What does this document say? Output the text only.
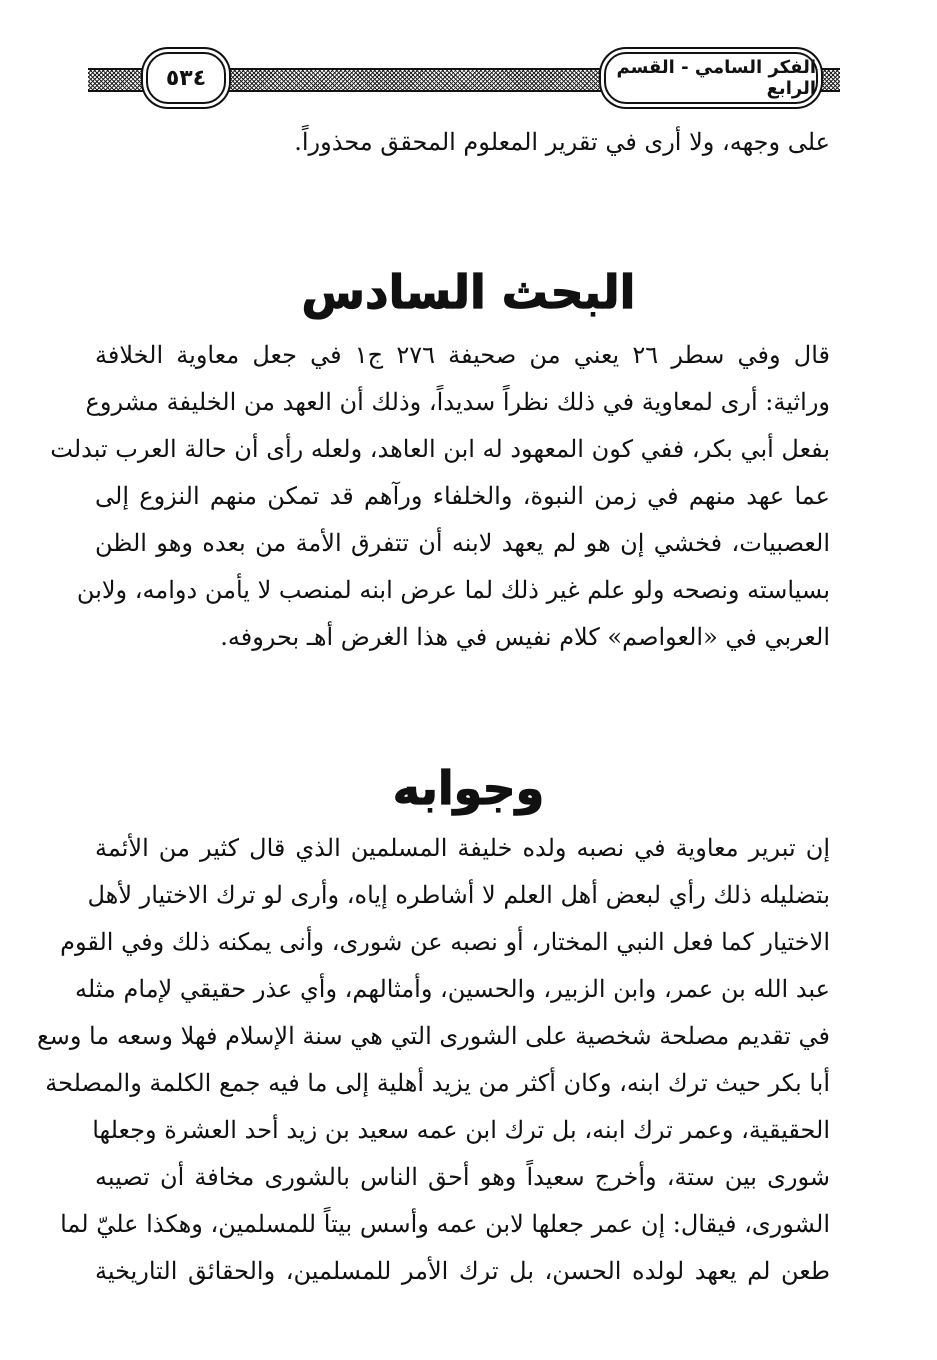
الفكر السامي - القسم الرابع
٥٣٤
على وجهه، ولا أرى في تقرير المعلوم المحقق محذوراً.
البحث السادس
قال وفي سطر ٢٦ يعني من صحيفة ٢٧٦ ج١ في جعل معاوية الخلافة
وراثية: أرى لمعاوية في ذلك نظراً سديداً، وذلك أن العهد من الخليفة مشروع
بفعل أبي بكر، ففي كون المعهود له ابن العاهد، ولعله رأى أن حالة العرب تبدلت
عما عهد منهم في زمن النبوة، والخلفاء ورآهم قد تمكن منهم النزوع إلى
العصبيات، فخشي إن هو لم يعهد لابنه أن تتفرق الأمة من بعده وهو الظن
بسياسته ونصحه ولو علم غير ذلك لما عرض ابنه لمنصب لا يأمن دوامه، ولابن
العربي في «العواصم» كلام نفيس في هذا الغرض أهـ بحروفه.
وجوابه
إن تبرير معاوية في نصبه ولده خليفة المسلمين الذي قال كثير من الأئمة
بتضليله ذلك رأي لبعض أهل العلم لا أشاطره إياه، وأرى لو ترك الاختيار لأهل
الاختيار كما فعل النبي المختار، أو نصبه عن شورى، وأنى يمكنه ذلك وفي القوم
عبد الله بن عمر، وابن الزبير، والحسين، وأمثالهم، وأي عذر حقيقي لإمام مثله
في تقديم مصلحة شخصية على الشورى التي هي سنة الإسلام فهلا وسعه ما وسع
أبا بكر حيث ترك ابنه، وكان أكثر من يزيد أهلية إلى ما فيه جمع الكلمة والمصلحة
الحقيقية، وعمر ترك ابنه، بل ترك ابن عمه سعيد بن زيد أحد العشرة وجعلها
شورى بين ستة، وأخرج سعيداً وهو أحق الناس بالشورى مخافة أن تصيبه
الشورى، فيقال: إن عمر جعلها لابن عمه وأسس بيتاً للمسلمين، وهكذا عليّ لما
طعن لم يعهد لولده الحسن، بل ترك الأمر للمسلمين، والحقائق التاريخية
